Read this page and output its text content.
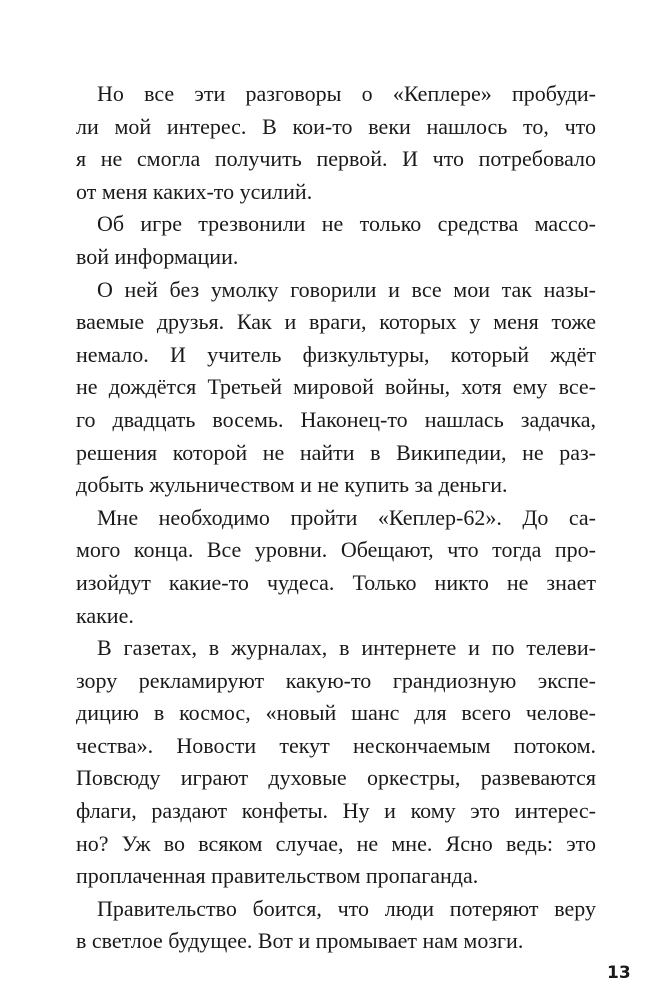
Но все эти разговоры о «Кеплере» пробуди-
ли мой интерес. В кои-то веки нашлось то, что
я не смогла получить первой. И что потребовало
от меня каких-то усилий.
Об игре трезвонили не только средства массо-
вой информации.
О ней без умолку говорили и все мои так назы-
ваемые друзья. Как и враги, которых у меня тоже
немало. И учитель физкультуры, который ждёт
не дождётся Третьей мировой войны, хотя ему все-
го двадцать восемь. Наконец-то нашлась задачка,
решения которой не найти в Википедии, не раз-
добыть жульничеством и не купить за деньги.
Мне необходимо пройти «Кеплер-62». До са-
мого конца. Все уровни. Обещают, что тогда про-
изойдут какие-то чудеса. Только никто не знает
какие.
В газетах, в журналах, в интернете и по телеви-
зору рекламируют какую-то грандиозную экспе-
дицию в космос, «новый шанс для всего челове-
чества». Новости текут нескончаемым потоком.
Повсюду играют духовые оркестры, развеваются
флаги, раздают конфеты. Ну и кому это интерес-
но? Уж во всяком случае, не мне. Ясно ведь: это
проплаченная правительством пропаганда.
Правительство боится, что люди потеряют веру
в светлое будущее. Вот и промывает нам мозги.
13
